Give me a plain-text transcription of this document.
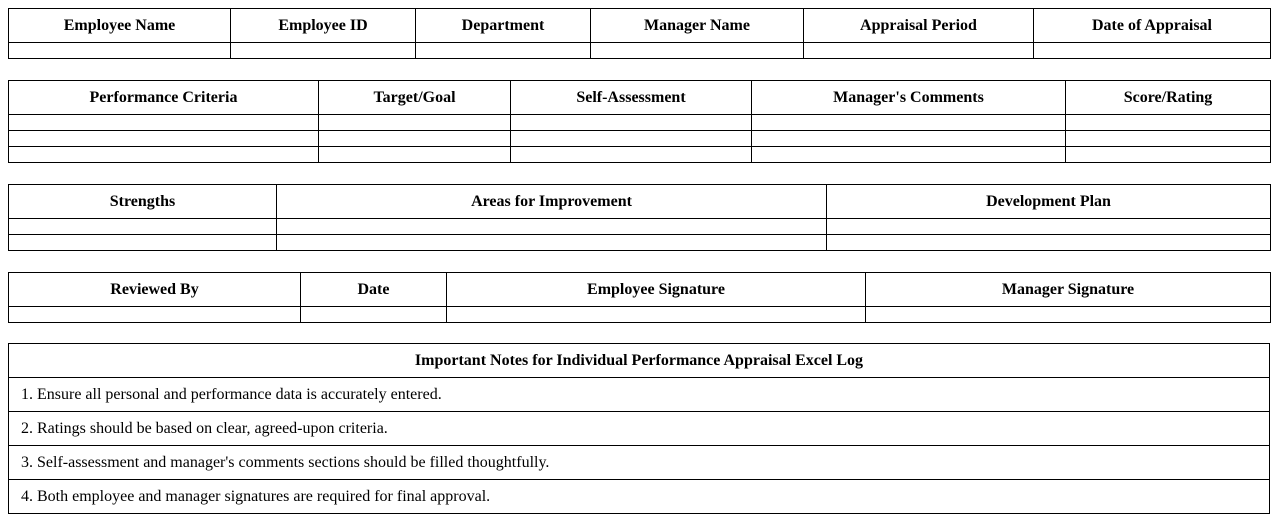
Employee Name	Employee ID	Department	Manager Name	Appraisal Period	Date of Appraisal

Performance Criteria	Target/Goal	Self-Assessment	Manager's Comments	Score/Rating

Strengths	Areas for Improvement	Development Plan

Reviewed By	Date	Employee Signature	Manager Signature

Important Notes for Individual Performance Appraisal Excel Log
1. Ensure all personal and performance data is accurately entered.
2. Ratings should be based on clear, agreed-upon criteria.
3. Self-assessment and manager's comments sections should be filled thoughtfully.
4. Both employee and manager signatures are required for final approval.
